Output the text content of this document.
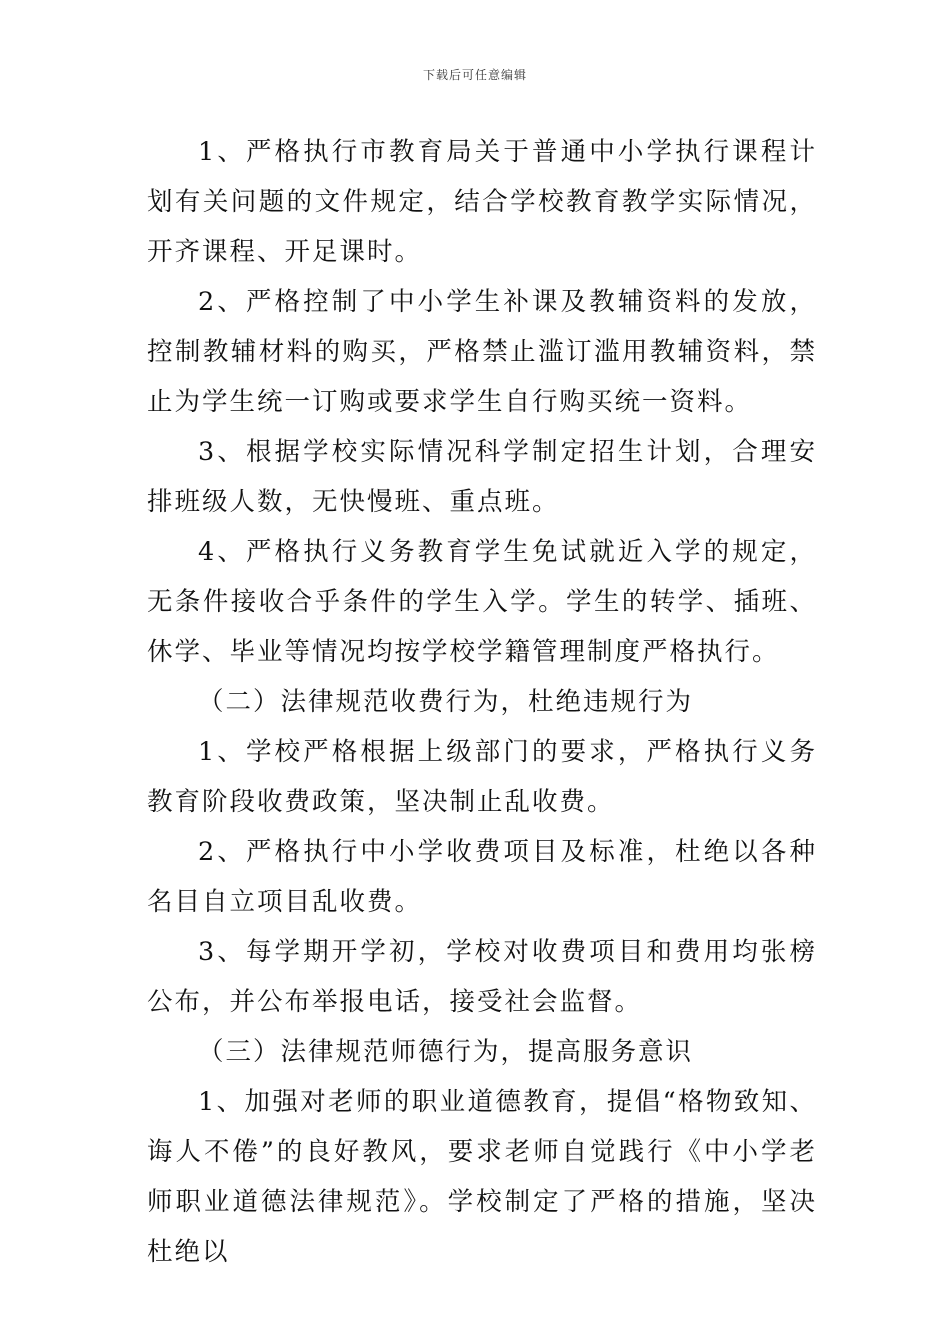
下载后可任意编辑

1、严格执行市教育局关于普通中小学执行课程计划有关问题的文件规定，结合学校教育教学实际情况，开齐课程、开足课时。

2、严格控制了中小学生补课及教辅资料的发放，控制教辅材料的购买，严格禁止滥订滥用教辅资料，禁止为学生统一订购或要求学生自行购买统一资料。

3、根据学校实际情况科学制定招生计划，合理安排班级人数，无快慢班、重点班。

4、严格执行义务教育学生免试就近入学的规定，无条件接收合乎条件的学生入学。学生的转学、插班、休学、毕业等情况均按学校学籍管理制度严格执行。

（二）法律规范收费行为，杜绝违规行为

1、学校严格根据上级部门的要求，严格执行义务教育阶段收费政策，坚决制止乱收费。

2、严格执行中小学收费项目及标准，杜绝以各种名目自立项目乱收费。

3、每学期开学初，学校对收费项目和费用均张榜公布，并公布举报电话，接受社会监督。

（三）法律规范师德行为，提高服务意识

1、加强对老师的职业道德教育，提倡“格物致知、诲人不倦”的良好教风，要求老师自觉践行《中小学老师职业道德法律规范》。学校制定了严格的措施，坚决杜绝以
